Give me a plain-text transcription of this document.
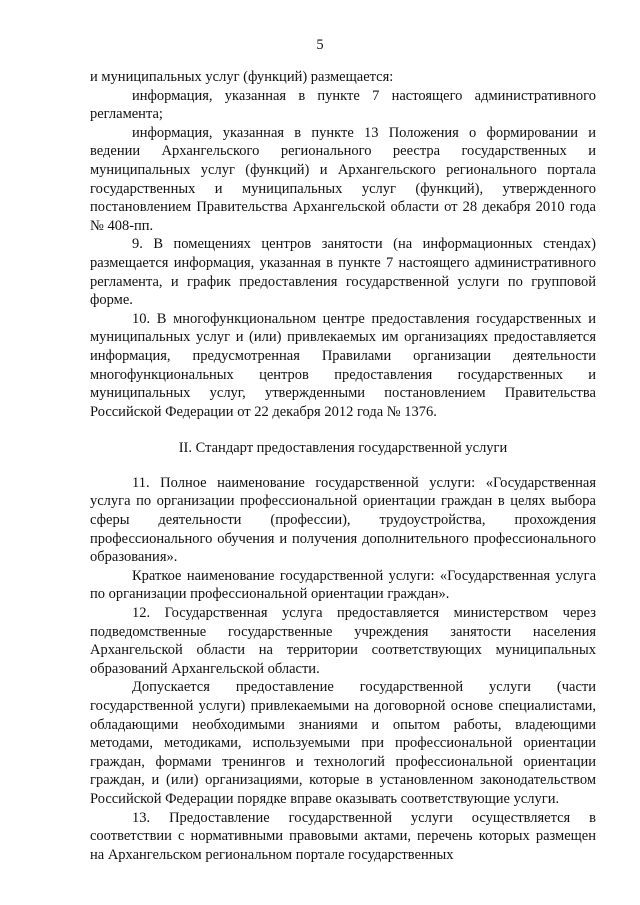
5

и муниципальных услуг (функций) размещается:

информация, указанная в пункте 7 настоящего административного регламента;

информация, указанная в пункте 13 Положения о формировании и ведении Архангельского регионального реестра государственных и муниципальных услуг (функций) и Архангельского регионального портала государственных и муниципальных услуг (функций), утвержденного постановлением Правительства Архангельской области от 28 декабря 2010 года № 408-пп.

9. В помещениях центров занятости (на информационных стендах) размещается информация, указанная в пункте 7 настоящего административного регламента, и график предоставления государственной услуги по групповой форме.

10. В многофункциональном центре предоставления государственных и муниципальных услуг и (или) привлекаемых им организациях предоставляется информация, предусмотренная Правилами организации деятельности многофункциональных центров предоставления государственных и муниципальных услуг, утвержденными постановлением Правительства Российской Федерации от 22 декабря 2012 года № 1376.

II. Стандарт предоставления государственной услуги

11. Полное наименование государственной услуги: «Государственная услуга по организации профессиональной ориентации граждан в целях выбора сферы деятельности (профессии), трудоустройства, прохождения профессионального обучения и получения дополнительного профессионального образования».

Краткое наименование государственной услуги: «Государственная услуга по организации профессиональной ориентации граждан».

12. Государственная услуга предоставляется министерством через подведомственные государственные учреждения занятости населения Архангельской области на территории соответствующих муниципальных образований Архангельской области.

Допускается предоставление государственной услуги (части государственной услуги) привлекаемыми на договорной основе специалистами, обладающими необходимыми знаниями и опытом работы, владеющими методами, методиками, используемыми при профессиональной ориентации граждан, формами тренингов и технологий профессиональной ориентации граждан, и (или) организациями, которые в установленном законодательством Российской Федерации порядке вправе оказывать соответствующие услуги.

13. Предоставление государственной услуги осуществляется в соответствии с нормативными правовыми актами, перечень которых размещен на Архангельском региональном портале государственных
